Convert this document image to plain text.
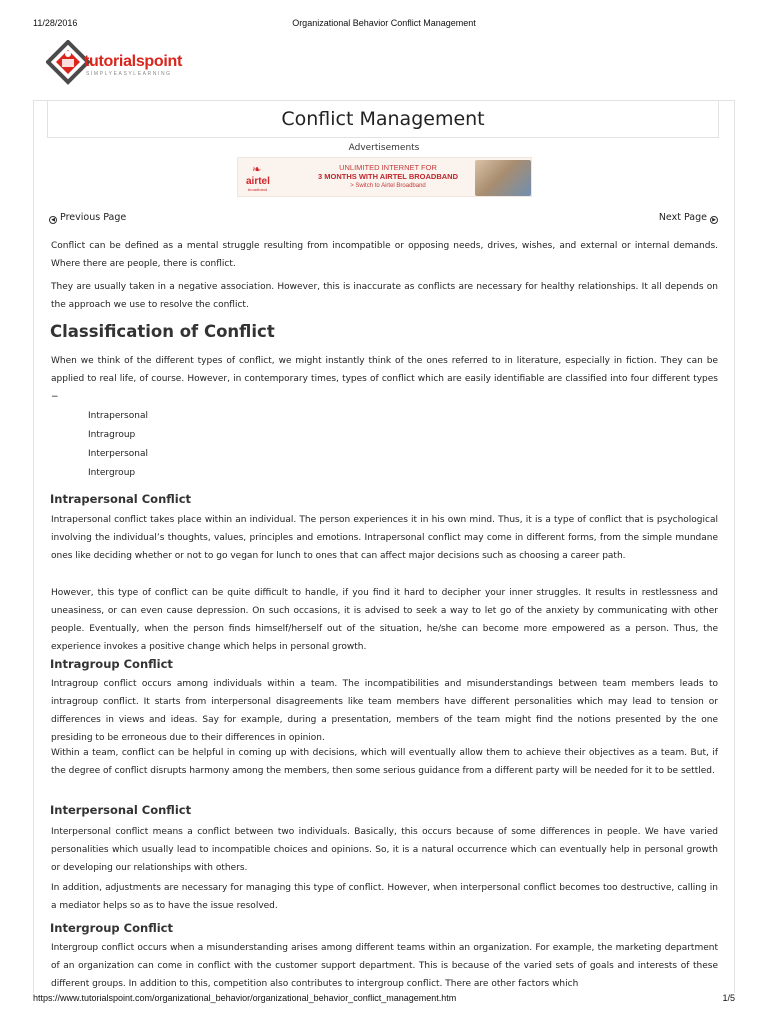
11/28/2016	Organizational Behavior Conflict Management
tutorialspoint
SIMPLYEASYLEARNING
Conflict Management
Advertisements
❧
airtel
broadband
UNLIMITED INTERNET FOR
3 MONTHS WITH AIRTEL BROADBAND
> Switch to Airtel Broadband
◀ Previous Page	Next Page ▶

Conflict can be defined as a mental struggle resulting from incompatible or opposing needs, drives, wishes, and external or internal demands. Where there are people, there is conflict.

They are usually taken in a negative association. However, this is inaccurate as conflicts are necessary for healthy relationships. It all depends on the approach we use to resolve the conflict.

Classification of Conflict

When we think of the different types of conflict, we might instantly think of the ones referred to in literature, especially in fiction. They can be applied to real life, of course. However, in contemporary times, types of conflict which are easily identifiable are classified into four different types −

Intrapersonal
Intragroup
Interpersonal
Intergroup
Intrapersonal Conflict

Intrapersonal conflict takes place within an individual. The person experiences it in his own mind. Thus, it is a type of conflict that is psychological involving the individual’s thoughts, values, principles and emotions. Intrapersonal conflict may come in different forms, from the simple mundane ones like deciding whether or not to go vegan for lunch to ones that can affect major decisions such as choosing a career path.

However, this type of conflict can be quite difficult to handle, if you find it hard to decipher your inner struggles. It results in restlessness and uneasiness, or can even cause depression. On such occasions, it is advised to seek a way to let go of the anxiety by communicating with other people. Eventually, when the person finds himself/herself out of the situation, he/she can become more empowered as a person. Thus, the experience invokes a positive change which helps in personal growth.

Intragroup Conflict

Intragroup conflict occurs among individuals within a team. The incompatibilities and misunderstandings between team members leads to intragroup conflict. It starts from interpersonal disagreements like team members have different personalities which may lead to tension or differences in views and ideas. Say for example, during a presentation, members of the team might find the notions presented by the one presiding to be erroneous due to their differences in opinion.

Within a team, conflict can be helpful in coming up with decisions, which will eventually allow them to achieve their objectives as a team. But, if the degree of conflict disrupts harmony among the members, then some serious guidance from a different party will be needed for it to be settled.

Interpersonal Conflict

Interpersonal conflict means a conflict between two individuals. Basically, this occurs because of some differences in people. We have varied personalities which usually lead to incompatible choices and opinions. So, it is a natural occurrence which can eventually help in personal growth or developing our relationships with others.

In addition, adjustments are necessary for managing this type of conflict. However, when interpersonal conflict becomes too destructive, calling in a mediator helps so as to have the issue resolved.

Intergroup Conflict

Intergroup conflict occurs when a misunderstanding arises among different teams within an organization. For example, the marketing department of an organization can come in conflict with the customer support department. This is because of the varied sets of goals and interests of these different groups. In addition to this, competition also contributes to intergroup conflict. There are other factors which

https://www.tutorialspoint.com/organizational_behavior/organizational_behavior_conflict_management.htm	1/5
